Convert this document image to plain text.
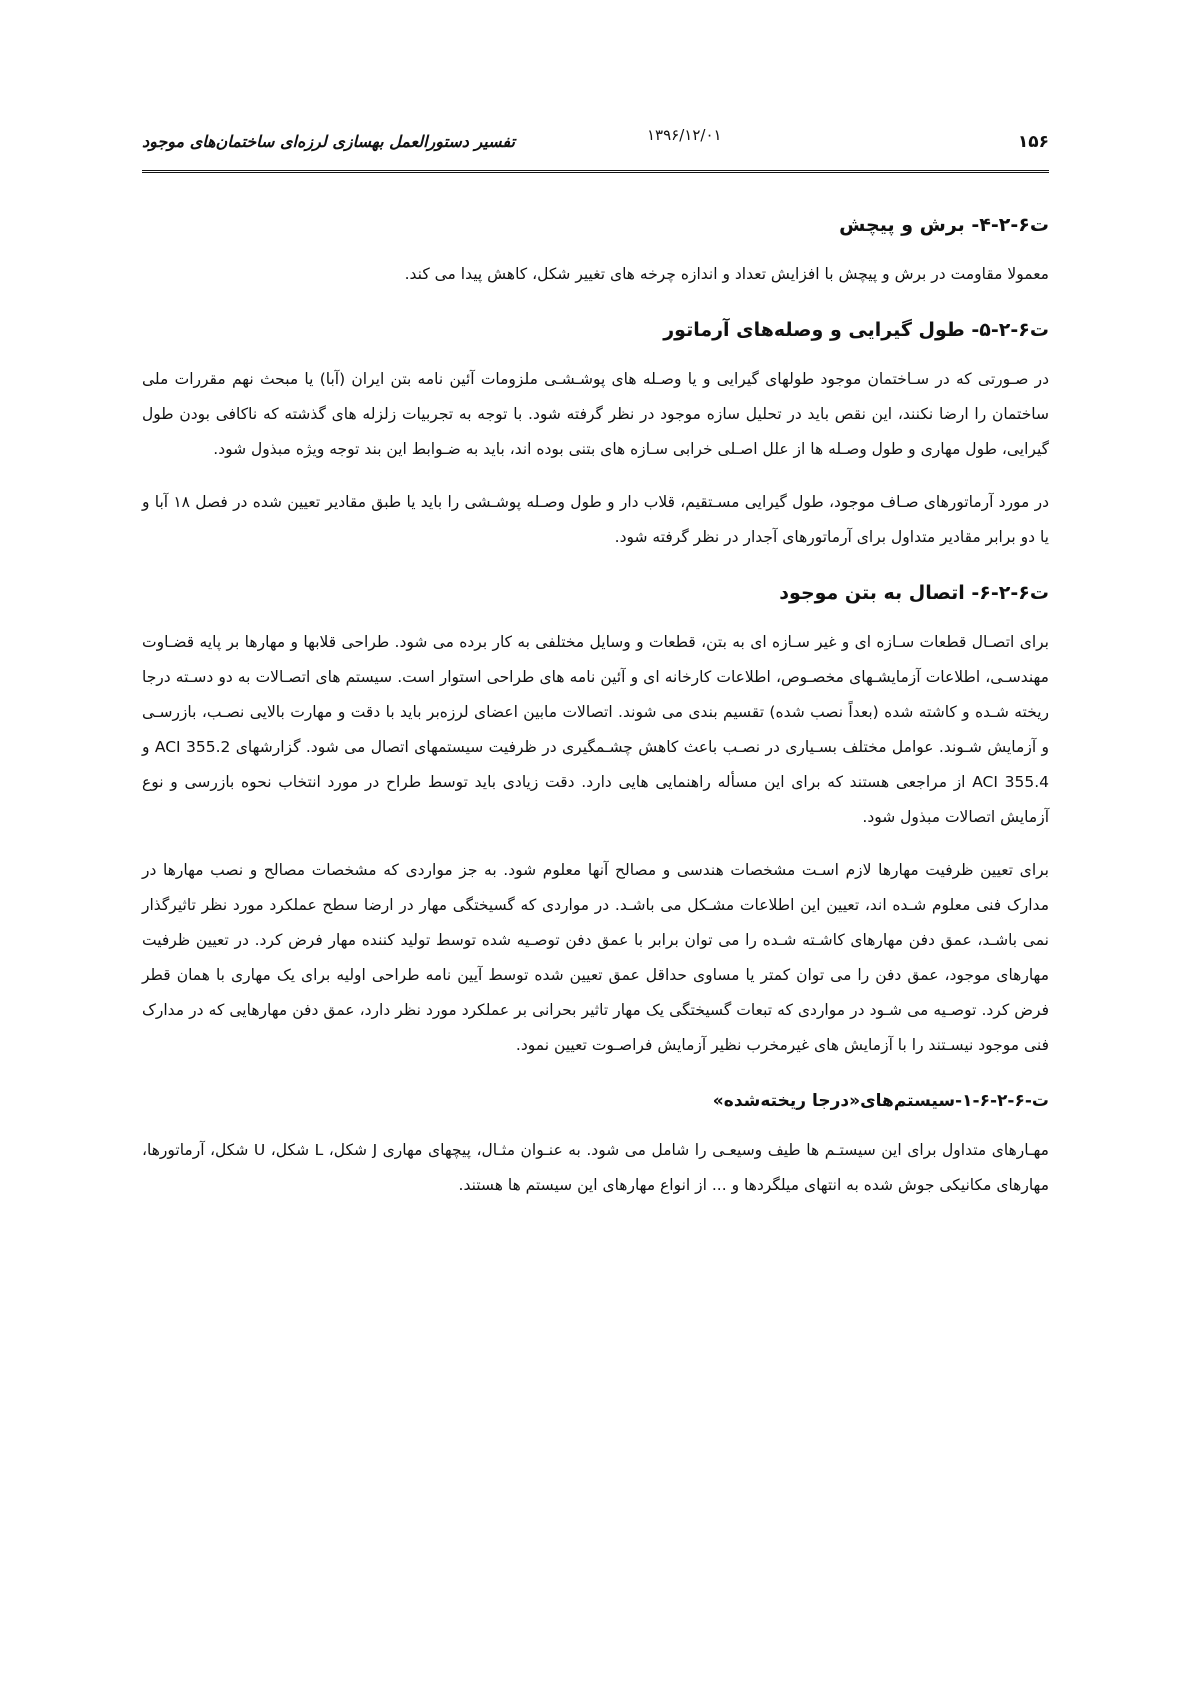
۱۵۶
۱۳۹۶/۱۲/۰۱
تفسیر دستورالعمل بهسازی لرزه‌ای ساختمان‌های موجود
ت۶-۲-۴- برش و پیچش

معمولا مقاومت در برش و پیچش با افزایش تعداد و اندازه چرخه های تغییر شکل، کاهش پیدا می کند.

ت۶-۲-۵- طول گیرایی و وصله‌های آرماتور

در صـورتی که در سـاختمان موجود طولهای گیرایی و یا وصـله های پوشـشـی ملزومات آئین نامه بتن ایران (آبا) یا مبحث نهم مقررات ملی ساختمان را ارضا نکنند، این نقص باید در تحلیل سازه موجود در نظر گرفته شود. با توجه به تجربیات زلزله های گذشته که ناکافی بودن طول گیرایی، طول مهاری و طول وصـله ها از علل اصـلی خرابی سـازه های بتنی بوده اند، باید به ضـوابط این بند توجه ویژه مبذول شود.

در مورد آرماتورهای صـاف موجود، طول گیرایی مسـتقیم، قلاب دار و طول وصـله پوشـشی را باید یا طبق مقادیر تعیین شده در فصل ۱۸ آبا و یا دو برابر مقادیر متداول برای آرماتورهای آجدار در نظر گرفته شود.

ت۶-۲-۶- اتصال به بتن موجود

برای اتصـال قطعات سـازه ای و غیر سـازه ای به بتن، قطعات و وسایل مختلفی به کار برده می شود. طراحی قلابها و مهارها بر پایه قضـاوت مهندسـی، اطلاعات آزمایشـهای مخصـوص، اطلاعات کارخانه ای و آئین نامه های طراحی استوار است. سیستم های اتصـالات به دو دسـته درجا ریخته شـده و کاشته شده (بعداً نصب شده) تقسیم بندی می شوند. اتصالات مابین اعضای لرزه‌بر باید با دقت و مهارت بالایی نصـب، بازرسـی و آزمایش شـوند. عوامل مختلف بسـیاری در نصـب باعث کاهش چشـمگیری در ظرفیت سیستمهای اتصال می شود. گزارشهای ACI 355.2 و ACI 355.4 از مراجعی هستند که برای این مسأله راهنمایی هایی دارد. دقت زیادی باید توسط طراح در مورد انتخاب نحوه بازرسی و نوع آزمایش اتصالات مبذول شود.

برای تعیین ظرفیت مهارها لازم اسـت مشخصات هندسی و مصالح آنها معلوم شود. به جز مواردی که مشخصات مصالح و نصب مهارها در مدارک فنی معلوم شـده اند، تعیین این اطلاعات مشـکل می باشـد. در مواردی که گسیختگی مهار در ارضا سطح عملکرد مورد نظر تاثیرگذار نمی باشـد، عمق دفن مهارهای کاشـته شـده را می توان برابر با عمق دفن توصـیه شده توسط تولید کننده مهار فرض کرد. در تعیین ظرفیت مهارهای موجود، عمق دفن را می توان کمتر یا مساوی حداقل عمق تعیین شده توسط آیین نامه طراحی اولیه برای یک مهاری با همان قطر فرض کرد. توصـیه می شـود در مواردی که تبعات گسیختگی یک مهار تاثیر بحرانی بر عملکرد مورد نظر دارد، عمق دفن مهارهایی که در مدارک فنی موجود نیسـتند را با آزمایش های غیرمخرب نظیر آزمایش فراصـوت تعیین نمود.

ت-۶-۲-۶-۱-سیستم‌های«درجا ریخته‌شده»

مهـارهای متداول برای این سیستـم ها طیف وسیعـی را شامل می شود. به عنـوان مثـال، پیچهای مهاری J شکل، L شکل، U شکل، آرماتورها، مهارهای مکانیکی جوش شده به انتهای میلگردها و ... از انواع مهارهای این سیستم ها هستند.
